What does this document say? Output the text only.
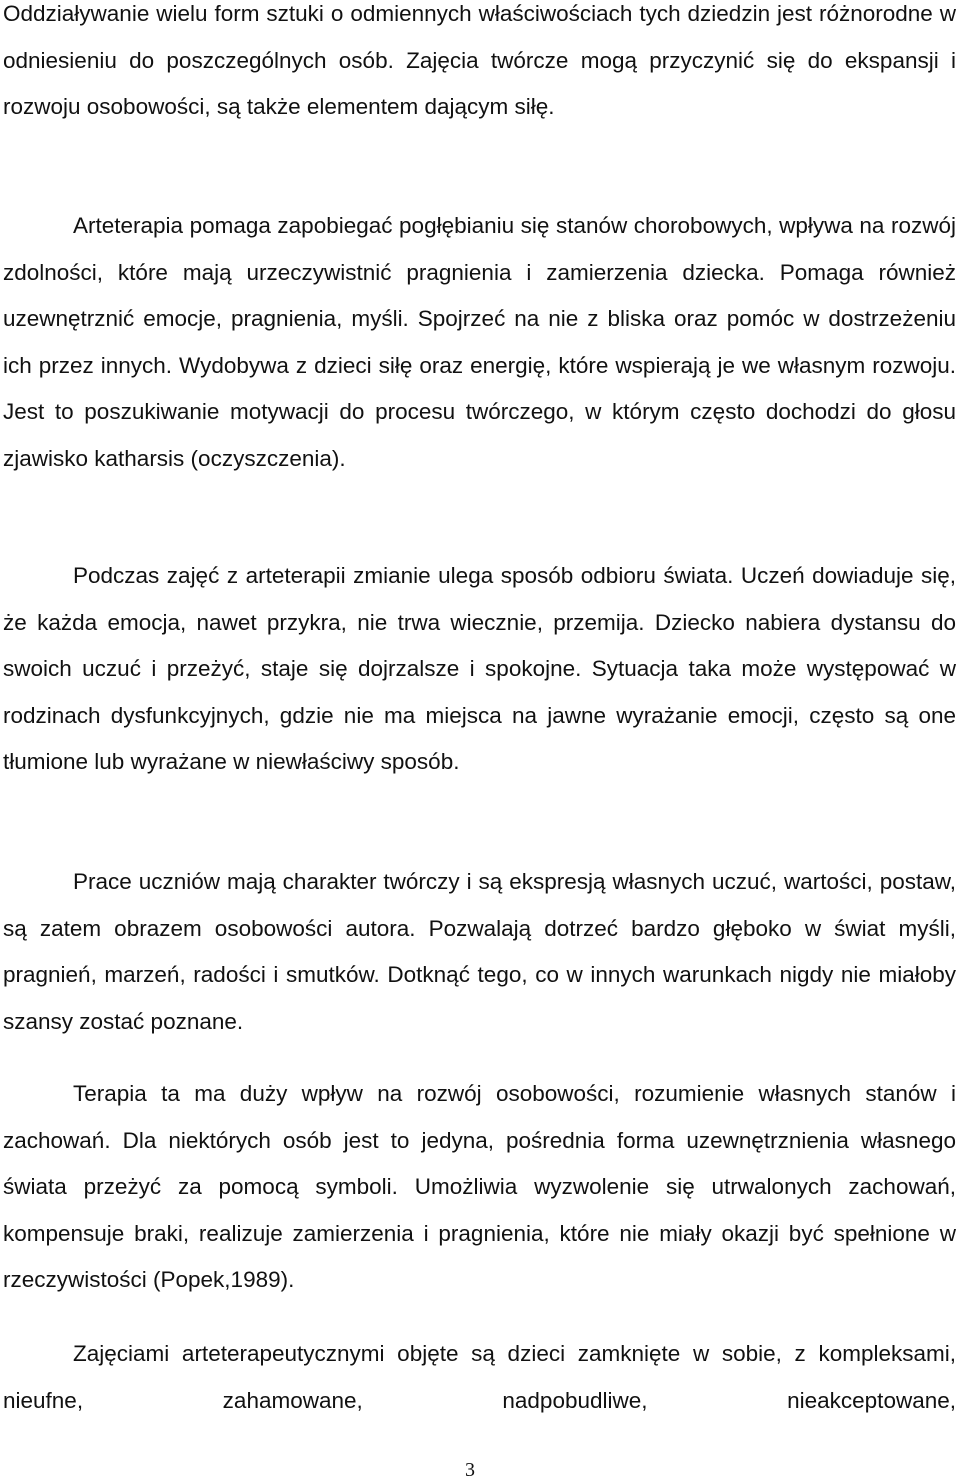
Oddziaływanie wielu form sztuki o odmiennych właściwościach tych dziedzin jest różnorodne w odniesieniu do poszczególnych osób. Zajęcia twórcze mogą przyczynić się do ekspansji i rozwoju osobowości, są także elementem dającym siłę.

Arteterapia pomaga zapobiegać pogłębianiu się stanów chorobowych, wpływa na rozwój zdolności, które mają urzeczywistnić pragnienia i zamierzenia dziecka. Pomaga również uzewnętrznić emocje, pragnienia, myśli. Spojrzeć na nie z bliska oraz pomóc w dostrzeżeniu ich przez innych. Wydobywa z dzieci siłę oraz energię, które wspierają je we własnym rozwoju. Jest to poszukiwanie motywacji do procesu twórczego, w którym często dochodzi do głosu zjawisko katharsis (oczyszczenia).

Podczas zajęć z arteterapii zmianie ulega sposób odbioru świata. Uczeń dowiaduje się, że każda emocja, nawet przykra, nie trwa wiecznie, przemija. Dziecko nabiera dystansu do swoich uczuć i przeżyć, staje się dojrzalsze i spokojne. Sytuacja taka może występować w rodzinach dysfunkcyjnych, gdzie nie ma miejsca na jawne wyrażanie emocji, często są one tłumione lub wyrażane w niewłaściwy sposób.

Prace uczniów mają charakter twórczy i są ekspresją własnych uczuć, wartości, postaw, są zatem obrazem osobowości autora. Pozwalają dotrzeć bardzo głęboko w świat myśli, pragnień, marzeń, radości i smutków. Dotknąć tego, co w innych warunkach nigdy nie miałoby szansy zostać poznane.

Terapia ta ma duży wpływ na rozwój osobowości, rozumienie własnych stanów i zachowań. Dla niektórych osób jest to jedyna, pośrednia forma uzewnętrznienia własnego świata przeżyć za pomocą symboli. Umożliwia wyzwolenie się utrwalonych zachowań, kompensuje braki, realizuje zamierzenia i pragnienia, które nie miały okazji być spełnione w rzeczywistości (Popek,1989).

Zajęciami arteterapeutycznymi objęte są dzieci zamknięte w sobie, z kompleksami, nieufne, zahamowane, nadpobudliwe, nieakceptowane,

3
